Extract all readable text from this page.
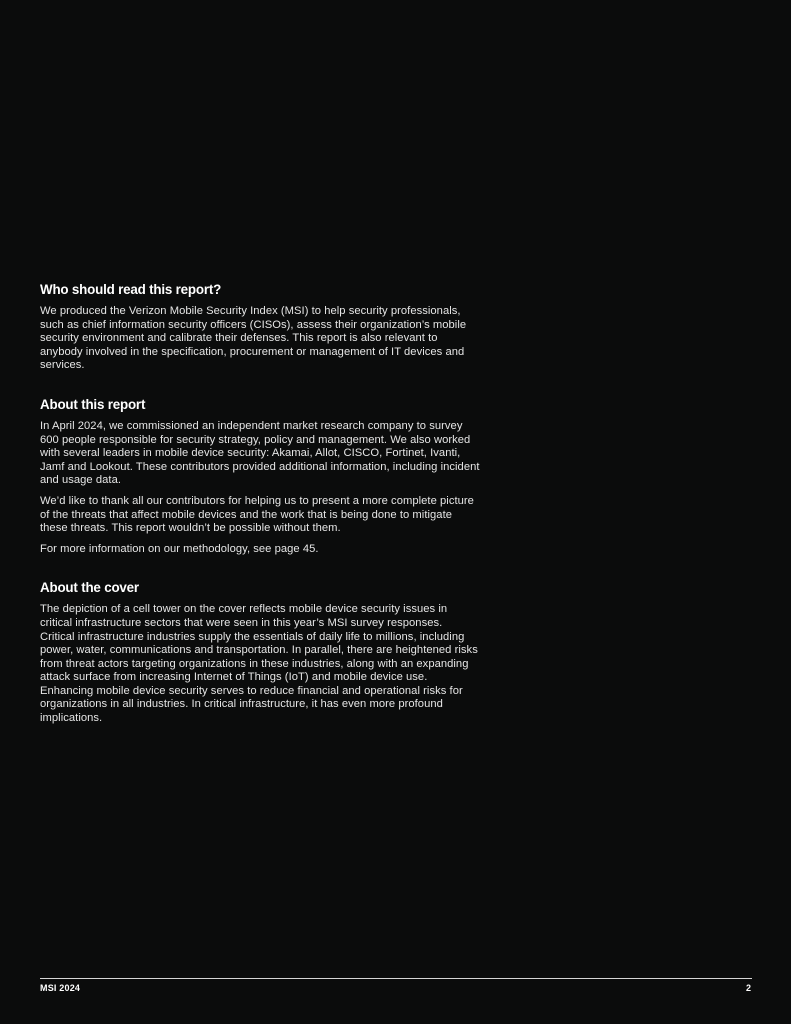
Who should read this report?

We produced the Verizon Mobile Security Index (MSI) to help security professionals, such as chief information security officers (CISOs), assess their organization’s mobile security environment and calibrate their defenses. This report is also relevant to anybody involved in the specification, procurement or management of IT devices and services.

About this report

In April 2024, we commissioned an independent market research company to survey 600 people responsible for security strategy, policy and management. We also worked with several leaders in mobile device security: Akamai, Allot, CISCO, Fortinet, Ivanti, Jamf and Lookout. These contributors provided additional information, including incident and usage data.

We’d like to thank all our contributors for helping us to present a more complete picture of the threats that affect mobile devices and the work that is being done to mitigate these threats. This report wouldn’t be possible without them.

For more information on our methodology, see page 45.

About the cover

The depiction of a cell tower on the cover reflects mobile device security issues in critical infrastructure sectors that were seen in this year’s MSI survey responses. Critical infrastructure industries supply the essentials of daily life to millions, including power, water, communications and transportation. In parallel, there are heightened risks from threat actors targeting organizations in these industries, along with an expanding attack surface from increasing Internet of Things (IoT) and mobile device use. Enhancing mobile device security serves to reduce financial and operational risks for organizations in all industries. In critical infrastructure, it has even more profound implications.

MSI 2024	2
